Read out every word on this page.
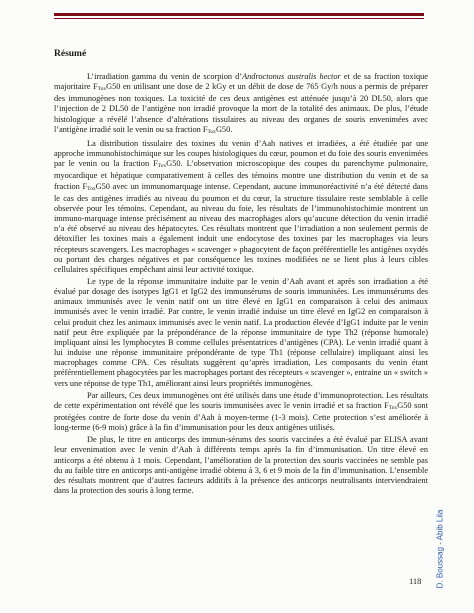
Résumé

L’irradiation gamma du venin de scorpion d’Androctonus australis hector et de sa fraction toxique majoritaire FToxG50 en utilisant une dose de 2 kGy et un débit de dose de 765 Gy/h nous a permis de préparer des immunogènes non toxiques. La toxicité de ces deux antigènes est atténuée jusqu’à 20 DL50, alors que l’injection de 2 DL50 de l’antigène non irradié provoque la mort de la totalité des animaux. De plus, l’étude histologique a révélé l’absence d’altérations tissulaires au niveau des organes de souris envenimées avec l’antigène irradié soit le venin ou sa fraction FToxG50.

La distribution tissulaire des toxines du venin d’Aah natives et irradiées, a été étudiée par une approche immunohistochimique sur les coupes histologiques du cœur, poumon et du foie des souris envenimées par le venin ou la fraction FToxG50. L’observation microscopique des coupes du parenchyme pulmonaire, myocardique et hépatique comparativement à celles des témoins montre une distribution du venin et de sa fraction FToxG50 avec un immunomarquage intense. Cependant, aucune immunoréactivité n’a été détecté dans le cas des antigènes irradiés au niveau du poumon et du cœur, la structure tissulaire reste semblable à celle observée pour les témoins. Cependant, au niveau du foie, les résultats de l’immunohistochimie montrent un immuno-marquage intense précisément au niveau des macrophages alors qu’aucune détection du venin irradié n’a été observé au niveau des hépatocytes. Ces résultats montrent que l’irradiation a non seulement permis de détoxifier les toxines mais a également induit une endocytose des toxines par les macrophages via leurs récepteurs scavengers. Les macrophages « scavenger » phagocytent de façon préférentielle les antigènes oxydés ou portant des charges négatives et par conséquence les toxines modifiées ne se lient plus à leurs cibles cellulaires spécifiques empêchant ainsi leur activité toxique.

Le type de la réponse immunitaire induite par le venin d’Aah avant et après son irradiation a été évalué par dosage des isotypes IgG1 et IgG2 des immunsérums de souris immunisées. Les immunsérums des animaux immunisés avec le venin natif ont un titre élevé en IgG1 en comparaison à celui des animaux immunisés avec le venin irradié. Par contre, le venin irradié induise un titre élevé en IgG2 en comparaison à celui produit chez les animaux immunisés avec le venin natif. La production élevée d’IgG1 induite par le venin natif peut être expliquée par la prépondérance de la réponse immunitaire de type Th2 (réponse humorale) impliquant ainsi les lymphocytes B comme cellules présentatrices d’antigènes (CPA). Le venin irradié quant à lui induise une réponse immunitaire prépondérante de type Th1 (réponse cellulaire) impliquant ainsi les macrophages comme CPA. Ces résultats suggèrent qu’après irradiation, Les composants du venin étant préférentiellement phagocytées par les macrophages portant des récepteurs « scavenger », entraine un « switch » vers une réponse de type Th1, améliorant ainsi leurs propriétés immunogènes.

Par ailleurs, Ces deux immunogènes ont été utilisés dans une étude d’immunoprotection. Les résultats de cette expérimentation ont révélé que les souris immunisées avec le venin irradié et sa fraction FToxG50 sont protégées contre de forte dose du venin d’Aah à moyen-terme (1-3 mois). Cette protection s’est améliorée à long-terme (6-9 mois) grâce à la fin d’immunisation pour les deux antigènes utilisés.

De plus, le titre en anticorps des immun-sérums des souris vaccinées a été évalué par ELISA avant leur envenimation avec le venin d’Aah à différents temps après la fin d’immunisation. Un titre élevé en anticorps a été obtenu à 1 mois. Cependant, l’amélioration de la protection des souris vaccinées ne semble pas du au faible titre en anticorps anti-antigène irradié obtenu à 3, 6 et 9 mois de la fin d’immunisation. L’ensemble des résultats montrent que d’autres facteurs additifs à la présence des anticorps neutralisants interviendraient dans la protection des souris à long terme.

D. Boussag - Abib Lila
118
